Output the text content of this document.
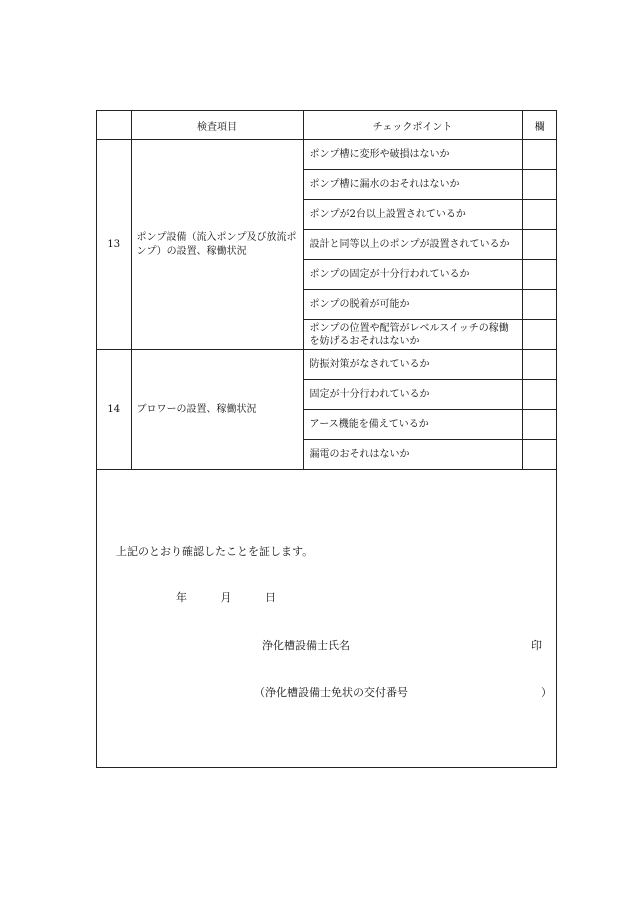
	検査項目	チェックポイント	欄
13	ポンプ設備（流入ポンプ及び放流ポンプ）の設置、稼働状況	ポンプ槽に変形や破損はないか	
		ポンプ槽に漏水のおそれはないか	
		ポンプが2台以上設置されているか	
		設計と同等以上のポンプが設置されているか	
		ポンプの固定が十分行われているか	
		ポンプの脱着が可能か	
		ポンプの位置や配管がレベルスイッチの稼働を妨げるおそれはないか	
14	ブロワーの設置、稼働状況	防振対策がなされているか	
		固定が十分行われているか	
		アース機能を備えているか	
		漏電のおそれはないか	
上記のとおり確認したことを証します。
年	月	日
浄化槽設備士氏名	印
（浄化槽設備士免状の交付番号	）
